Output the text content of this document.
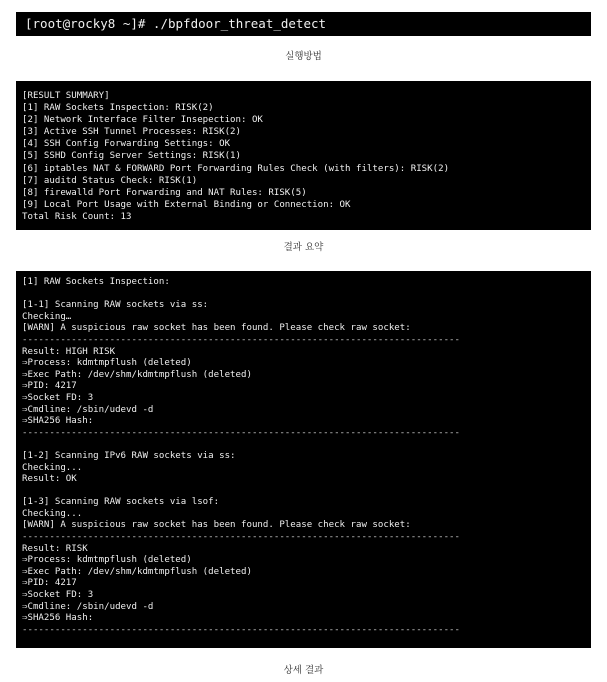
[root@rocky8 ~]# ./bpfdoor_threat_detect
실행방법
[RESULT SUMMARY]
[1] RAW Sockets Inspection: RISK(2)
[2] Network Interface Filter Insepection: OK
[3] Active SSH Tunnel Processes: RISK(2)
[4] SSH Config Forwarding Settings: OK
[5] SSHD Config Server Settings: RISK(1)
[6] iptables NAT & FORWARD Port Forwarding Rules Check (with filters): RISK(2)
[7] auditd Status Check: RISK(1)
[8] firewalld Port Forwarding and NAT Rules: RISK(5)
[9] Local Port Usage with External Binding or Connection: OK
Total Risk Count: 13
결과 요약
[1] RAW Sockets Inspection:
[1-1] Scanning RAW sockets via ss:
Checking…
[WARN] A suspicious raw socket has been found. Please check raw socket:
--------------------------------------------------------------------------------
Result: HIGH RISK
⇒Process: kdmtmpflush (deleted)
⇒Exec Path: /dev/shm/kdmtmpflush (deleted)
⇒PID: 4217
⇒Socket FD: 3
⇒Cmdline: /sbin/udevd -d
⇒SHA256 Hash:
--------------------------------------------------------------------------------
[1-2] Scanning IPv6 RAW sockets via ss:
Checking...
Result: OK
[1-3] Scanning RAW sockets via lsof:
Checking...
[WARN] A suspicious raw socket has been found. Please check raw socket:
--------------------------------------------------------------------------------
Result: RISK
⇒Process: kdmtmpflush (deleted)
⇒Exec Path: /dev/shm/kdmtmpflush (deleted)
⇒PID: 4217
⇒Socket FD: 3
⇒Cmdline: /sbin/udevd -d
⇒SHA256 Hash:
--------------------------------------------------------------------------------
상세 결과
